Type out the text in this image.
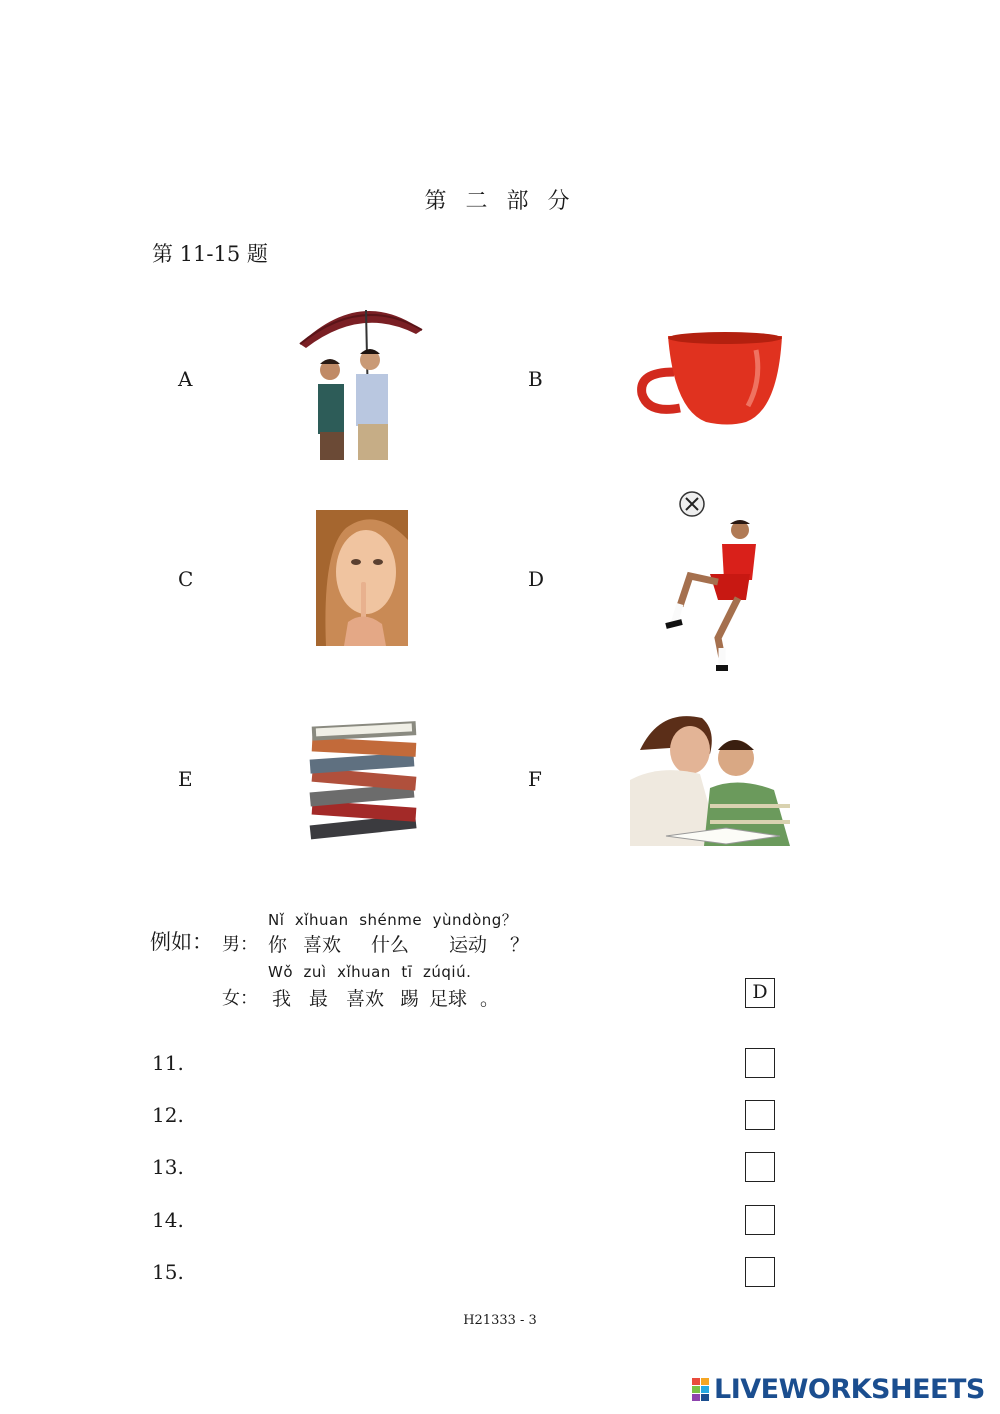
第 二 部 分
第 11-15 题
A	B
C	D
E	F
例如： 男：
Nǐ  xǐhuan  shénme  yùndòng？
你 喜欢 什么 运动 ？
女：
Wǒ  zuì  xǐhuan  tī  zúqiú.
我 最 喜欢 踢 足球 。	D
11.
12.
13.
14.
15.
H21333 - 3
LIVEWORKSHEETS
